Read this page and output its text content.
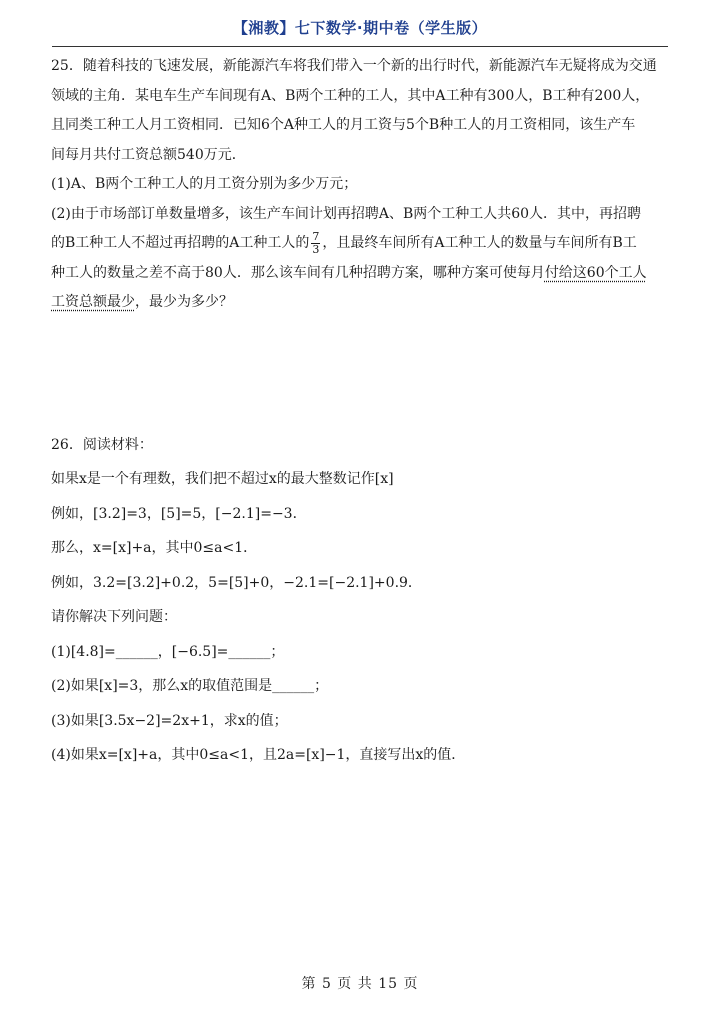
【湘教】七下数学·期中卷（学生版）
25．随着科技的飞速发展，新能源汽车将我们带入一个新的出行时代，新能源汽车无疑将成为交通
领域的主角．某电车生产车间现有A、B两个工种的工人，其中A工种有300人，B工种有200人，
且同类工种工人月工资相同．已知6个A种工人的月工资与5个B种工人的月工资相同，该生产车
间每月共付工资总额540万元．
(1)A、B两个工种工人的月工资分别为多少万元；
(2)由于市场部订单数量增多，该生产车间计划再招聘A、B两个工种工人共60人．其中，再招聘
的B工种工人不超过再招聘的A工种工人的 $\frac{7}{3}$ ，且最终车间所有A工种工人的数量与车间所有B工
种工人的数量之差不高于80人．那么该车间有几种招聘方案，哪种方案可使每月付给这60个工人
工资总额最少，最少为多少？
26．阅读材料：
如果x是一个有理数，我们把不超过x的最大整数记作[x]
例如，[3.2]=3，[5]=5，[−2.1]=−3．
那么，x=[x]+a，其中0≤a<1．
例如，3.2=[3.2]+0.2，5=[5]+0，−2.1=[−2.1]+0.9．
请你解决下列问题：
(1)[4.8]=______，[−6.5]=______；
(2)如果[x]=3，那么x的取值范围是______；
(3)如果[3.5x−2]=2x+1，求x的值；
(4)如果x=[x]+a，其中0≤a<1，且2a=[x]−1，直接写出x的值．
第 5 页 共 15 页
